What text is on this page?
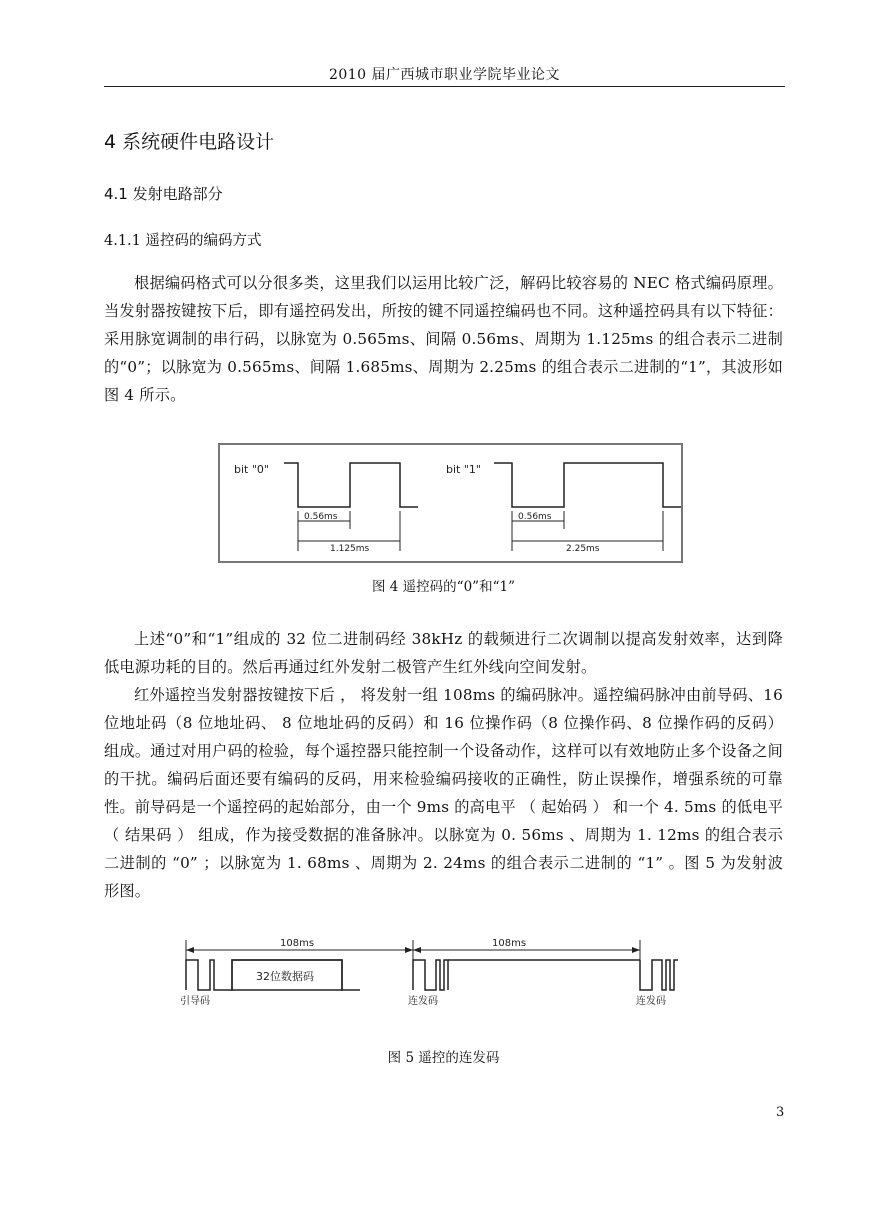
2010 届广西城市职业学院毕业论文
4 系统硬件电路设计
4.1 发射电路部分
4.1.1 遥控码的编码方式

根据编码格式可以分很多类，这里我们以运用比较广泛，解码比较容易的 NEC 格式编码原理。当发射器按键按下后，即有遥控码发出，所按的键不同遥控编码也不同。这种遥控码具有以下特征：采用脉宽调制的串行码，以脉宽为 0.565ms、间隔 0.56ms、周期为 1.125ms 的组合表示二进制的“0”；以脉宽为 0.565ms、间隔 1.685ms、周期为 2.25ms 的组合表示二进制的“1”，其波形如图 4 所示。

bit "0"
0.56ms
1.125ms
bit "1"
0.56ms
2.25ms
图 4 遥控码的“0”和“1”

上述“0”和“1”组成的 32 位二进制码经 38kHz 的载频进行二次调制以提高发射效率，达到降低电源功耗的目的。然后再通过红外发射二极管产生红外线向空间发射。

红外遥控当发射器按键按下后 ， 将发射一组 108ms 的编码脉冲。遥控编码脉冲由前导码、16 位地址码（8 位地址码、 8 位地址码的反码）和 16 位操作码（8 位操作码、8 位操作码的反码）组成。通过对用户码的检验，每个遥控器只能控制一个设备动作，这样可以有效地防止多个设备之间的干扰。编码后面还要有编码的反码，用来检验编码接收的正确性，防止误操作，增强系统的可靠性。前导码是一个遥控码的起始部分，由一个 9ms 的高电平 （ 起始码 ） 和一个 4. 5ms 的低电平 （ 结果码 ） 组成，作为接受数据的准备脉冲。以脉宽为 0. 56ms 、周期为 1. 12ms 的组合表示二进制的 “0” ；以脉宽为 1. 68ms 、周期为 2. 24ms 的组合表示二进制的 “1” 。图 5 为发射波形图。

108ms	108ms
32位数据码
引导码	连发码	连发码
图 5 遥控的连发码
3
